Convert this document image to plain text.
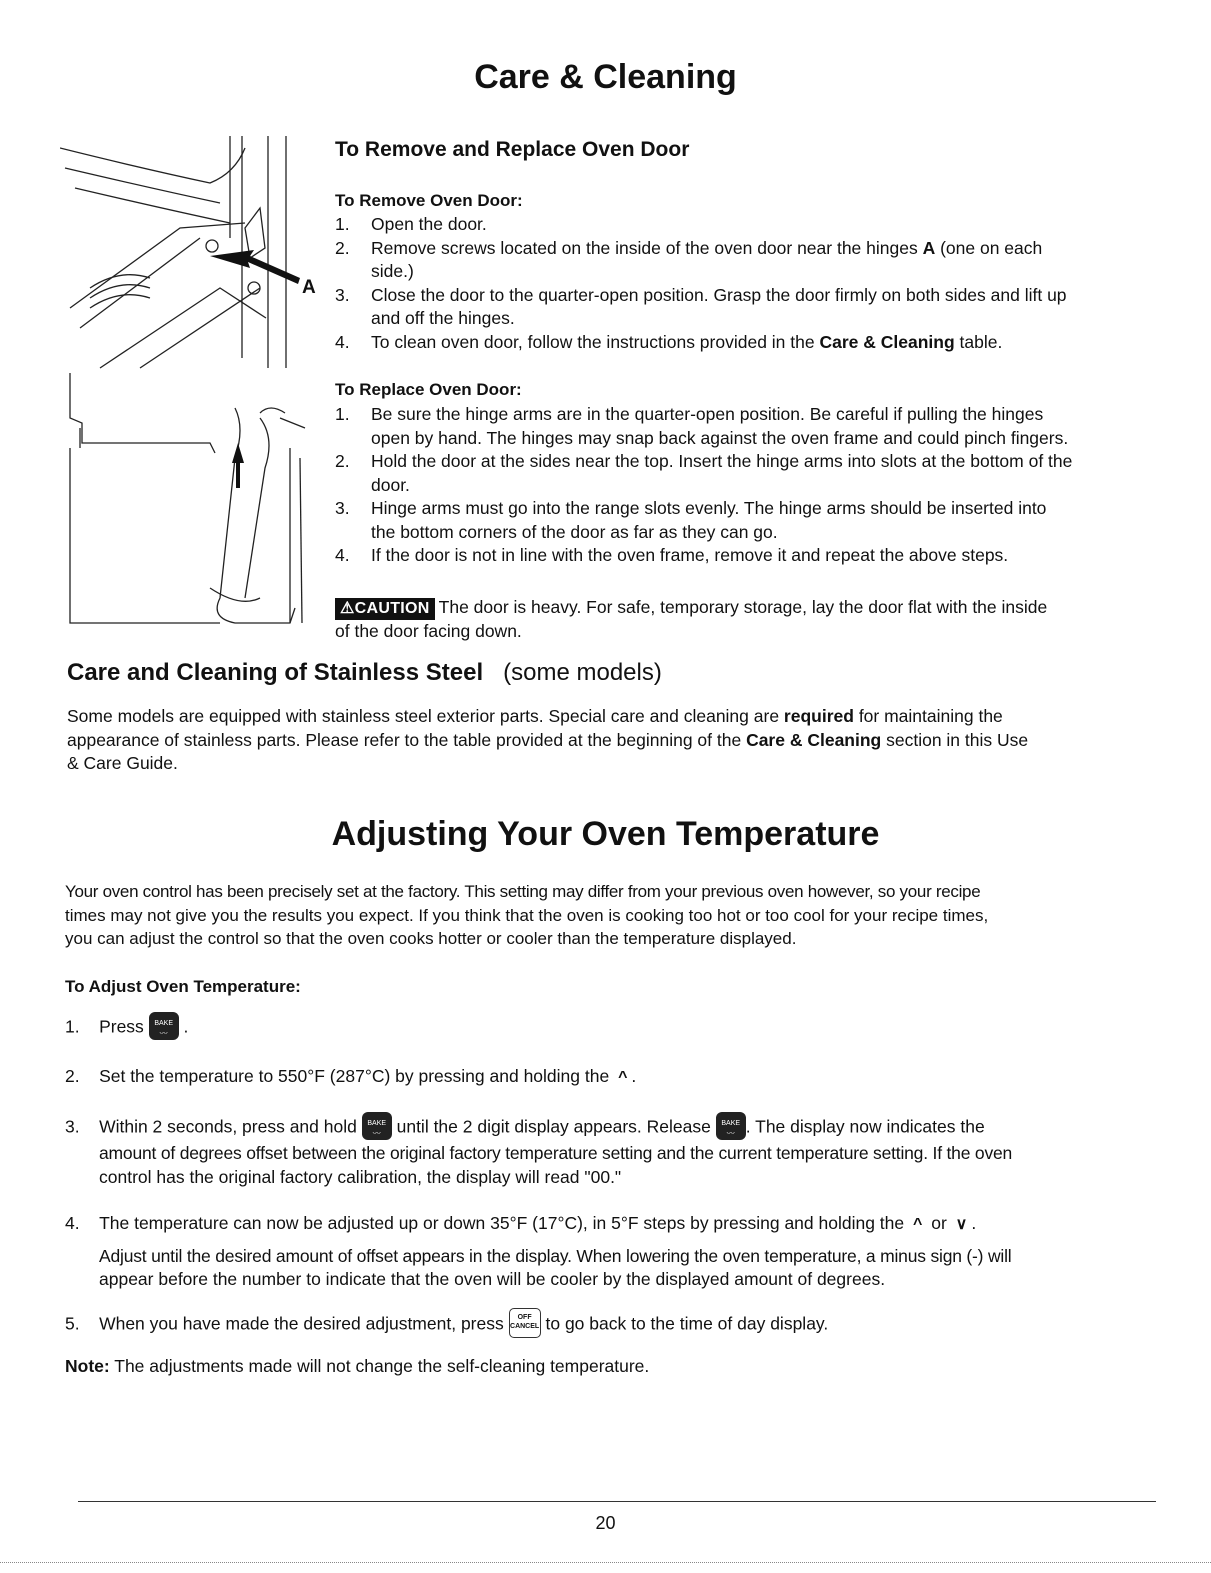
Care & Cleaning
A
To Remove and Replace Oven Door
To Remove Oven Door:
1.	Open the door.
2.	Remove screws located on the inside of the oven door near the hinges A (one on each
side.)
3.	Close the door to the quarter-open position. Grasp the door firmly on both sides and lift up
and off the hinges.
4.	To clean oven door, follow the instructions provided in the Care & Cleaning table.
To Replace Oven Door:
1.	Be sure the hinge arms are in the quarter-open position. Be careful if pulling the hinges
open by hand. The hinges may snap back against the oven frame and could pinch fingers.
2.	Hold the door at the sides near the top. Insert the hinge arms into slots at the bottom of the
door.
3.	Hinge arms must go into the range slots evenly. The hinge arms should be inserted into
the bottom corners of the door as far as they can go.
4.	If the door is not in line with the oven frame, remove it and repeat the above steps.
⚠CAUTION The door is heavy. For safe, temporary storage, lay the door flat with the inside
of the door facing down.
Care and Cleaning of Stainless Steel (some models)
Some models are equipped with stainless steel exterior parts. Special care and cleaning are required for maintaining the
appearance of stainless parts. Please refer to the table provided at the beginning of the Care & Cleaning section in this Use
& Care Guide.
Adjusting Your Oven Temperature
Your oven control has been precisely set at the factory. This setting may differ from your previous oven however, so your recipe
times may not give you the results you expect. If you think that the oven is cooking too hot or too cool for your recipe times,
you can adjust the control so that the oven cooks hotter or cooler than the temperature displayed.
To Adjust Oven Temperature:
1. Press	BAKE
〰 .
2. Set the temperature to 550°F (287°C) by pressing and holding the ^ .
3. Within 2 seconds, press and hold	BAKE
〰 until the 2 digit display appears. Release	BAKE
〰 . The display now indicates the
amount of degrees offset between the original factory temperature setting and the current temperature setting. If the oven
control has the original factory calibration, the display will read "00."
4. The temperature can now be adjusted up or down 35°F (17°C), in 5°F steps by pressing and holding the ^ or ∨ .
Adjust until the desired amount of offset appears in the display. When lowering the oven temperature, a minus sign (-) will
appear before the number to indicate that the oven will be cooler by the displayed amount of degrees.
5. When you have made the desired adjustment, press	OFF
CANCEL to go back to the time of day display.
Note: The adjustments made will not change the self-cleaning temperature.
20
